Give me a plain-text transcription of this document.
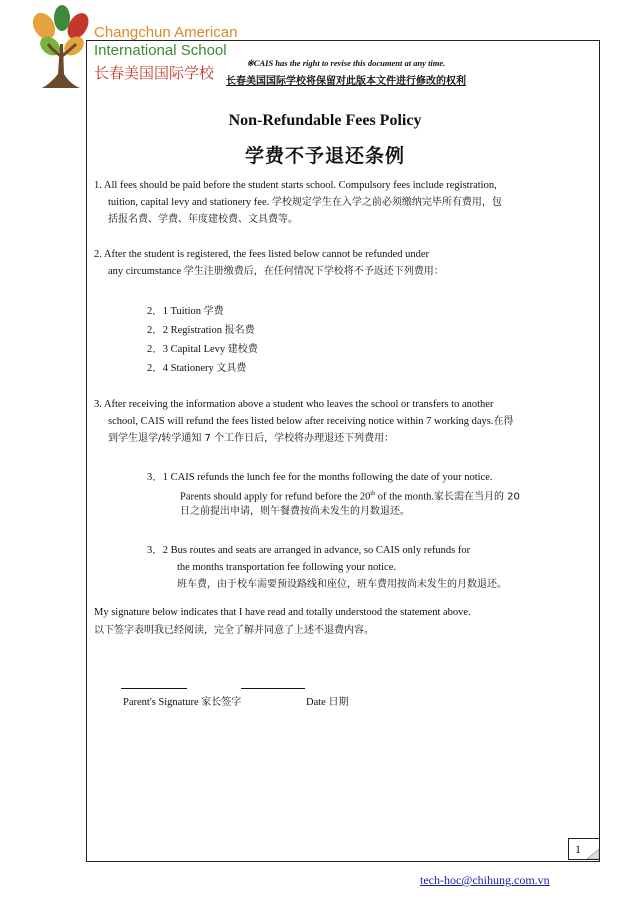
Changchun American
International School
长春美国国际学校
※CAIS has the right to revise this document at any time.
长春美国国际学校将保留对此版本文件进行修改的权利
Non-Refundable Fees Policy
学费不予退还条例
1. All fees should be paid before the student starts school. Compulsory fees include registration,
tuition, capital levy and stationery fee. 学校规定学生在入学之前必须缴纳完毕所有费用，包
括报名费、学费、年度建校费、文具费等。
2. After the student is registered, the fees listed below cannot be refunded under
any circumstance 学生注册缴费后，在任何情况下学校将不予返还下列费用：
2．1 Tuition 学费
2．2 Registration 报名费
2．3 Capital Levy 建校费
2．4 Stationery 文具费
3. After receiving the information above a student who leaves the school or transfers to another
school, CAIS will refund the fees listed below after receiving notice within 7 working days.在得
到学生退学/转学通知 7 个工作日后，学校将办理退还下列费用：
3．1 CAIS refunds the lunch fee for the months following the date of your notice.
Parents should apply for refund before the 20th of the month.家长需在当月的 20
日之前提出申请，则午餐费按尚未发生的月数退还。
3．2 Bus routes and seats are arranged in advance, so CAIS only refunds for
the months transportation fee following your notice.
班车费，由于校车需要预设路线和座位，班车费用按尚未发生的月数退还。
My signature below indicates that I have read and totally understood the statement above.
以下签字表明我已经阅读，完全了解并同意了上述不退费内容。
Parent's Signature 家长签字	Date 日期
1
tech-hoc@chihung.com.vn
